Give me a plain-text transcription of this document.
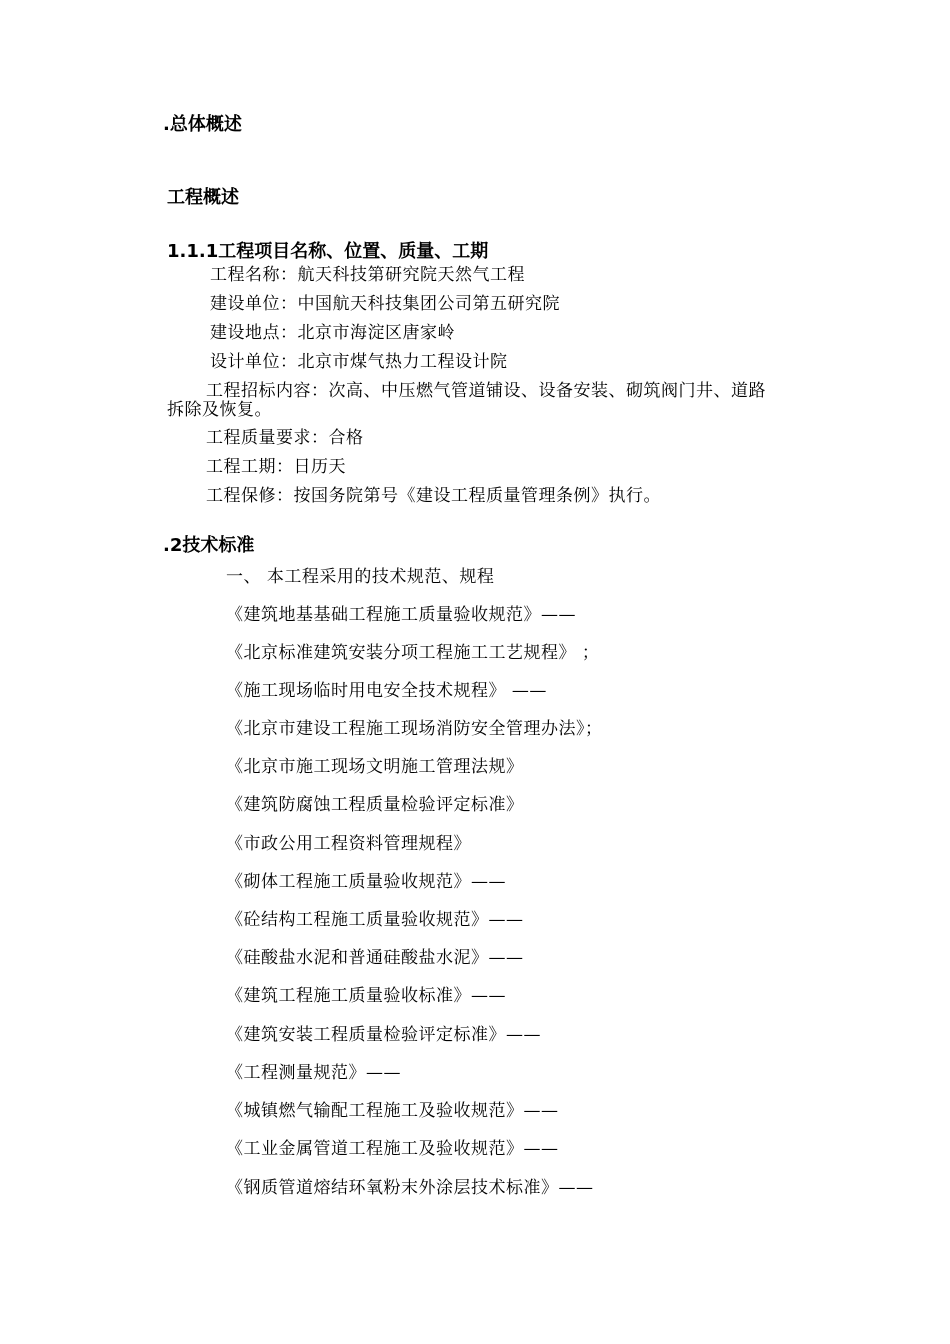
.总体概述
工程概述
1.1.1工程项目名称、位置、质量、工期
工程名称：航天科技第研究院天然气工程
建设单位：中国航天科技集团公司第五研究院
建设地点：北京市海淀区唐家岭
设计单位：北京市煤气热力工程设计院
工程招标内容：次高、中压燃气管道铺设、设备安装、砌筑阀门井、道路
拆除及恢复。
工程质量要求：合格
工程工期：日历天
工程保修：按国务院第号《建设工程质量管理条例》执行。
.2技术标准
一、 本工程采用的技术规范、规程
《建筑地基基础工程施工质量验收规范》——
《北京标准建筑安装分项工程施工工艺规程》 ；
《施工现场临时用电安全技术规程》 ——
《北京市建设工程施工现场消防安全管理办法》；
《北京市施工现场文明施工管理法规》
《建筑防腐蚀工程质量检验评定标准》
《市政公用工程资料管理规程》
《砌体工程施工质量验收规范》——
《砼结构工程施工质量验收规范》——
《硅酸盐水泥和普通硅酸盐水泥》——
《建筑工程施工质量验收标准》——
《建筑安装工程质量检验评定标准》——
《工程测量规范》——
《城镇燃气输配工程施工及验收规范》——
《工业金属管道工程施工及验收规范》——
《钢质管道熔结环氧粉末外涂层技术标准》——
